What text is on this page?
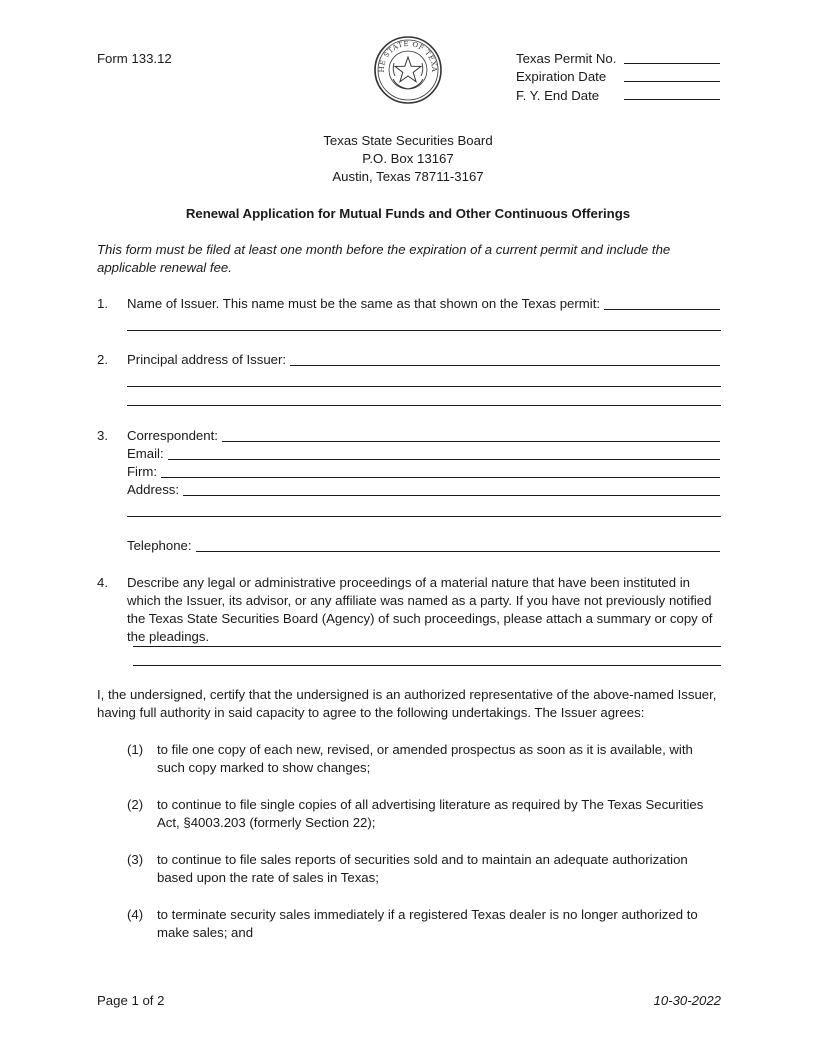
Form 133.12
HE STATE OF TEXA
Texas Permit No.
Expiration Date
F. Y. End Date
Texas State Securities Board
P.O. Box 13167
Austin, Texas 78711-3167
Renewal Application for Mutual Funds and Other Continuous Offerings
This form must be filed at least one month before the expiration of a current permit and include the applicable renewal fee.
1. Name of Issuer. This name must be the same as that shown on the Texas permit:
2. Principal address of Issuer:
3. Correspondent:
Email:
Firm:
Address:
Telephone:
4. Describe any legal or administrative proceedings of a material nature that have been instituted in which the Issuer, its advisor, or any affiliate was named as a party. If you have not previously notified the Texas State Securities Board (Agency) of such proceedings, please attach a summary or copy of the pleadings.
I, the undersigned, certify that the undersigned is an authorized representative of the above-named Issuer, having full authority in said capacity to agree to the following undertakings. The Issuer agrees:
(1) to file one copy of each new, revised, or amended prospectus as soon as it is available, with such copy marked to show changes;
(2) to continue to file single copies of all advertising literature as required by The Texas Securities Act, §4003.203 (formerly Section 22);
(3) to continue to file sales reports of securities sold and to maintain an adequate authorization based upon the rate of sales in Texas;
(4) to terminate security sales immediately if a registered Texas dealer is no longer authorized to make sales; and
Page 1 of 2	10-30-2022
